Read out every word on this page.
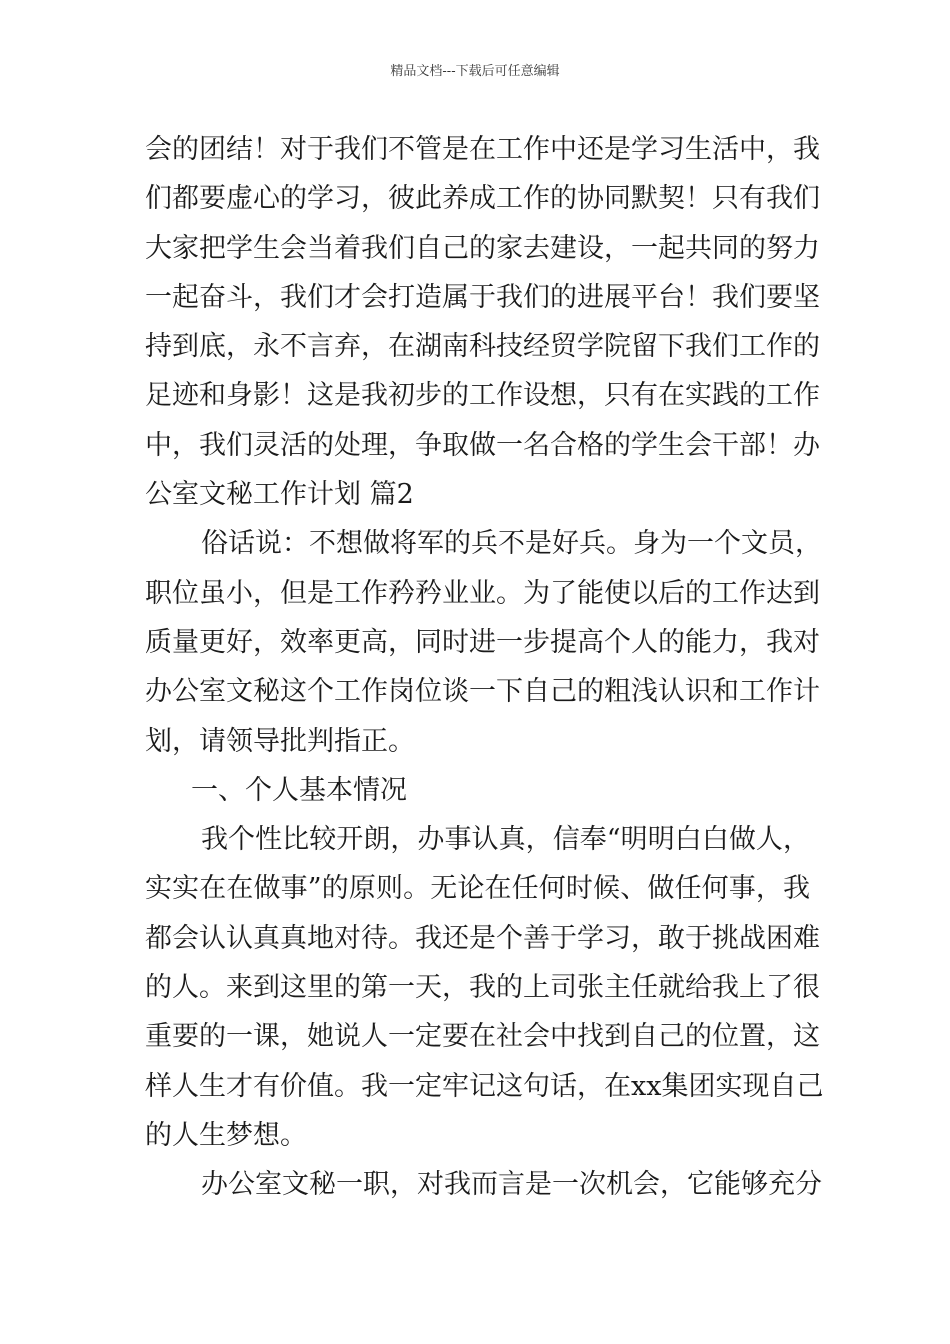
精品文档---下载后可任意编辑
会的团结！对于我们不管是在工作中还是学习生活中，我
们都要虚心的学习，彼此养成工作的协同默契！只有我们
大家把学生会当着我们自己的家去建设，一起共同的努力
一起奋斗，我们才会打造属于我们的进展平台！我们要坚
持到底，永不言弃，在湖南科技经贸学院留下我们工作的
足迹和身影！这是我初步的工作设想，只有在实践的工作
中，我们灵活的处理，争取做一名合格的学生会干部！办
公室文秘工作计划 篇2
俗话说：不想做将军的兵不是好兵。身为一个文员，
职位虽小，但是工作矜矜业业。为了能使以后的工作达到
质量更好，效率更高，同时进一步提高个人的能力，我对
办公室文秘这个工作岗位谈一下自己的粗浅认识和工作计
划，请领导批判指正。
一、个人基本情况
我个性比较开朗，办事认真，信奉“明明白白做人，
实实在在做事”的原则。无论在任何时候、做任何事，我
都会认认真真地对待。我还是个善于学习，敢于挑战困难
的人。来到这里的第一天，我的上司张主任就给我上了很
重要的一课，她说人一定要在社会中找到自己的位置，这
样人生才有价值。我一定牢记这句话，在xx集团实现自己
的人生梦想。
办公室文秘一职，对我而言是一次机会，它能够充分
